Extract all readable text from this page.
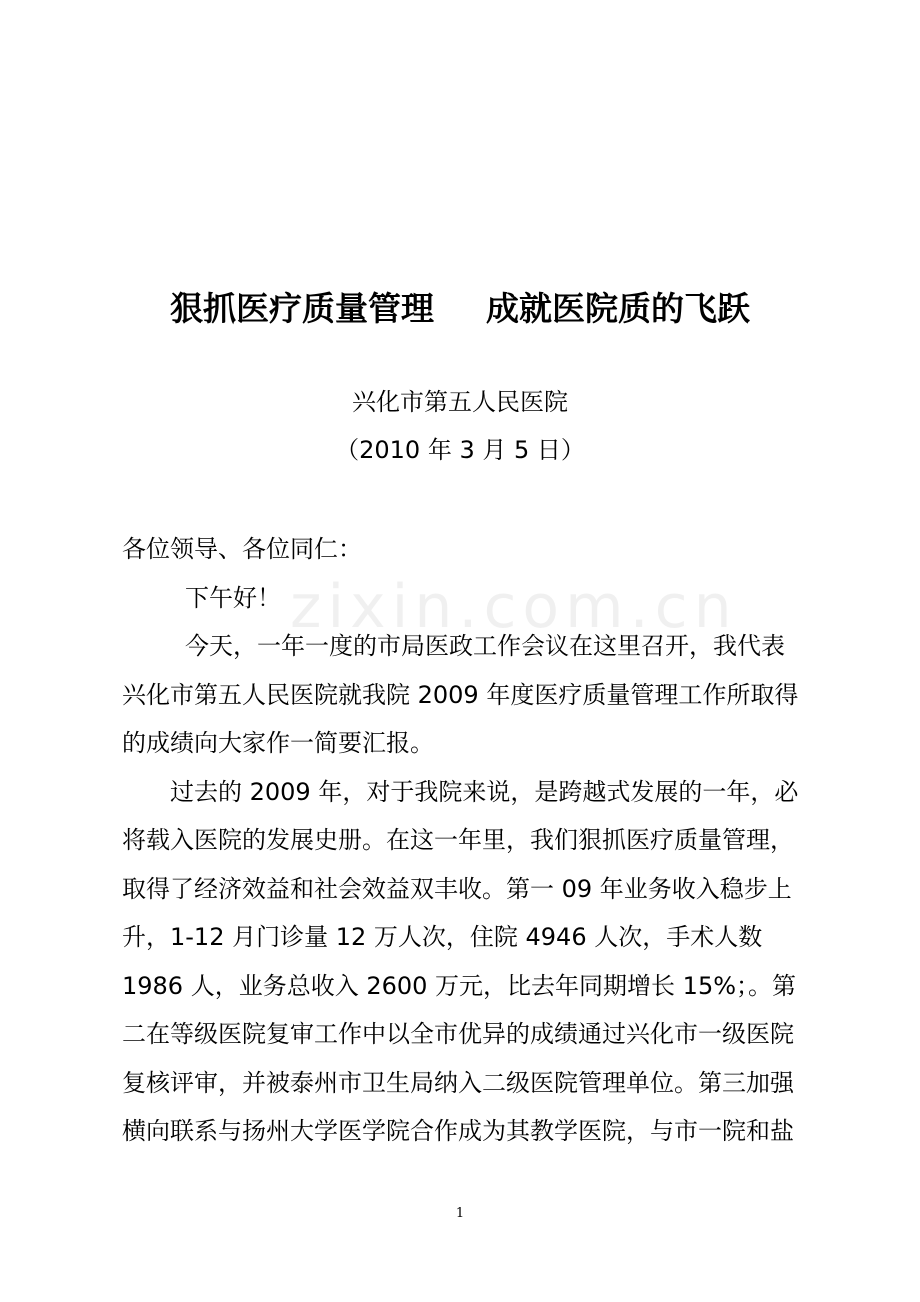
狠抓医疗质量管理 成就医院质的飞跃
兴化市第五人民医院
（2010 年 3 月 5 日）
zixin.com.cn

各位领导、各位同仁：

下午好！

今天，一年一度的市局医政工作会议在这里召开，我代表兴化市第五人民医院就我院 2009 年度医疗质量管理工作所取得的成绩向大家作一简要汇报。

过去的 2009 年，对于我院来说，是跨越式发展的一年，必将载入医院的发展史册。在这一年里，我们狠抓医疗质量管理，取得了经济效益和社会效益双丰收。第一 09 年业务收入稳步上升，1-12 月门诊量 12 万人次，住院 4946 人次，手术人数 1986 人，业务总收入 2600 万元，比去年同期增长 15%；。第二在等级医院复审工作中以全市优异的成绩通过兴化市一级医院复核评审，并被泰州市卫生局纳入二级医院管理单位。第三加强横向联系与扬州大学医学院合作成为其教学医院，与市一院和盐

1
